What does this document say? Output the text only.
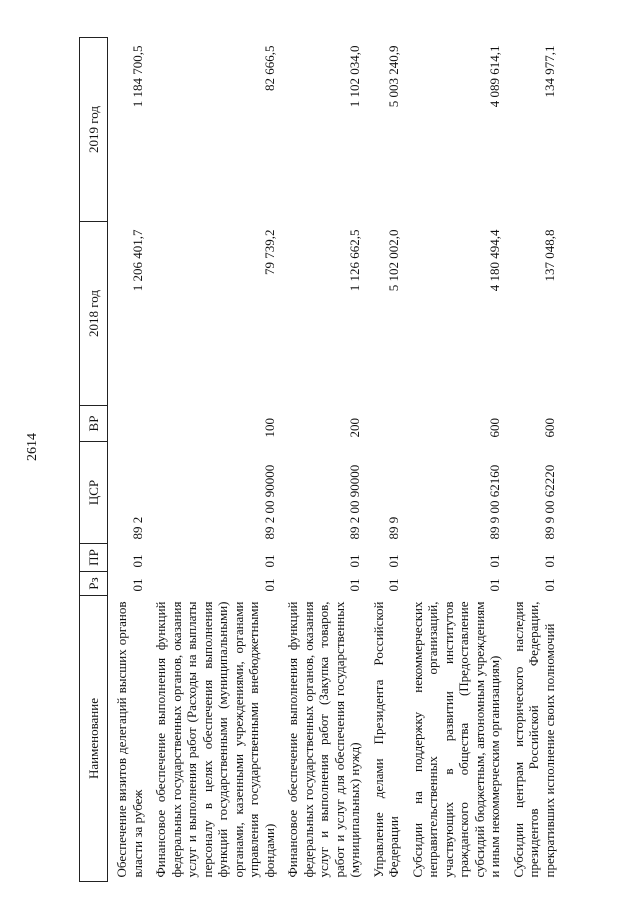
2614
Наименование	Рз	ПР	ЦСР	ВР	2018 год	2019 год
Обеспечение визитов делегаций высших органов власти за рубеж	01	01	89 2		1 206 401,7	1 184 700,5
Финансовое обеспечение выполнения функций федеральных государственных органов, оказания услуг и выполнения работ (Расходы на выплаты персоналу в целях обеспечения выполнения функций государственными (муниципальными) органами, казенными учреждениями, органами управления государственными внебюджетными фондами)	01	01	89 2 00 90000	100	79 739,2	82 666,5
Финансовое обеспечение выполнения функций федеральных государственных органов, оказания услуг и выполнения работ (Закупка товаров, работ и услуг для обеспечения государственных (муниципальных) нужд)	01	01	89 2 00 90000	200	1 126 662,5	1 102 034,0
Управление делами Президента Российской Федерации	01	01	89 9		5 102 002,0	5 003 240,9
Субсидии на поддержку некоммерческих неправительственных организаций, участвующих в развитии институтов гражданского общества (Предоставление субсидий бюджетным, автономным учреждениям и иным некоммерческим организациям)	01	01	89 9 00 62160	600	4 180 494,4	4 089 614,1
Субсидии центрам исторического наследия президентов Российской Федерации, прекративших исполнение своих полномочий	01	01	89 9 00 62220	600	137 048,8	134 977,1
